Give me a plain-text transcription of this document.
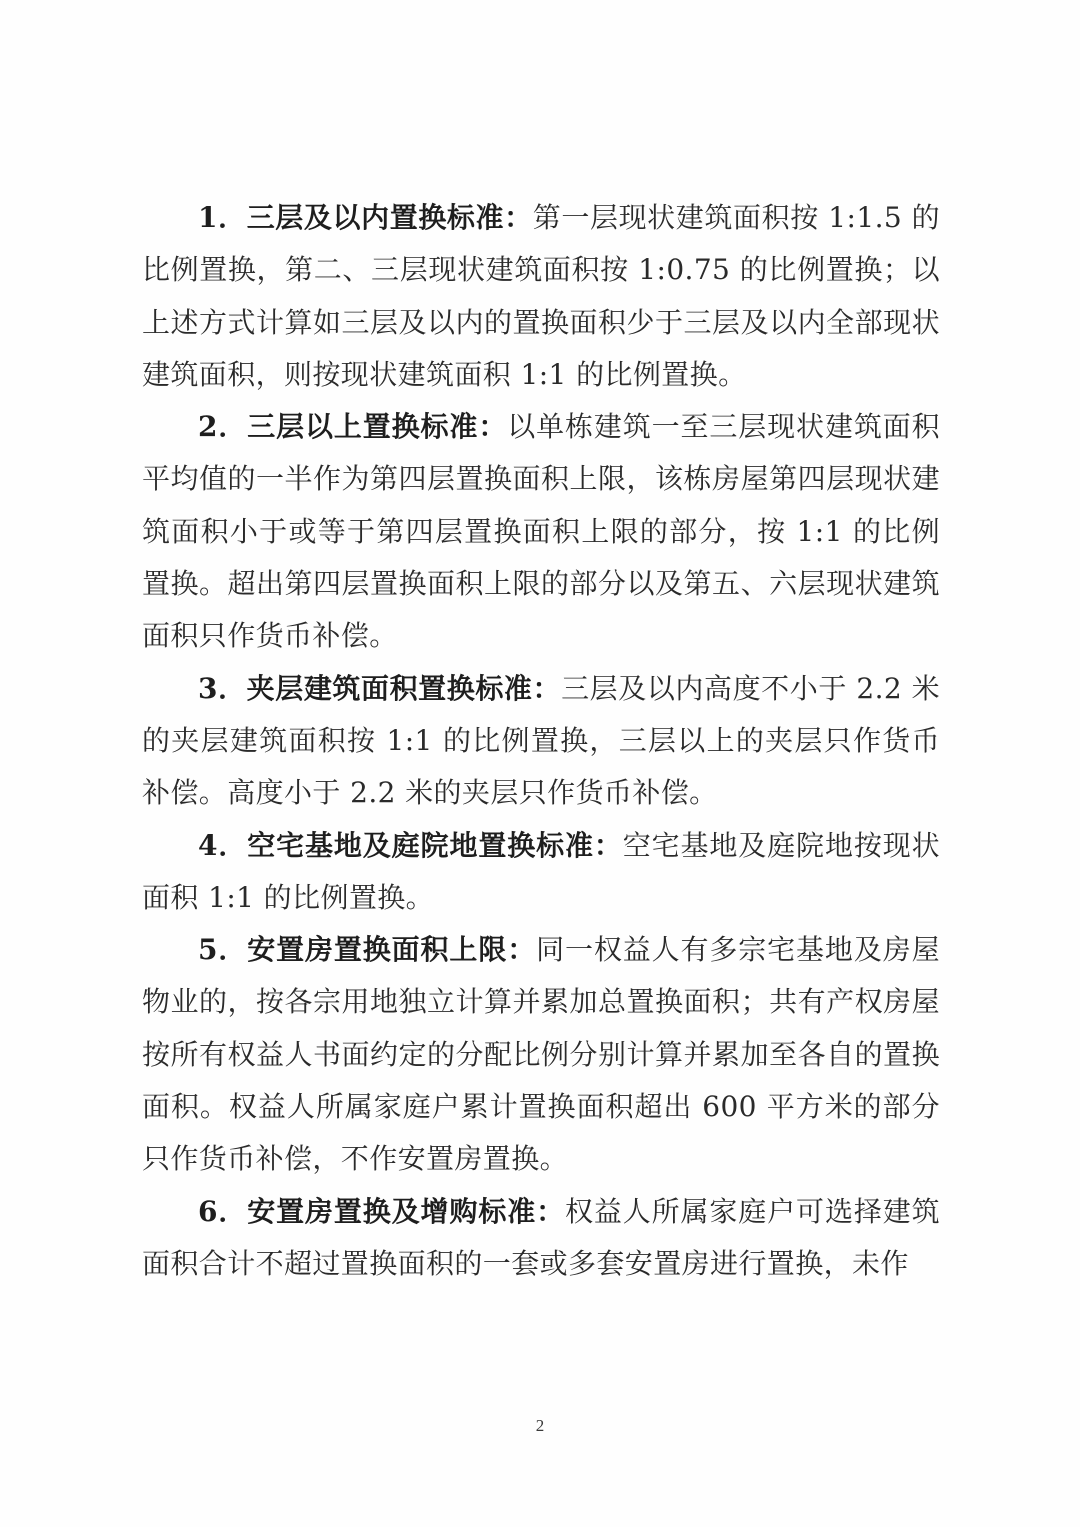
1．三层及以内置换标准：第一层现状建筑面积按 1:1.5 的比例置换，第二、三层现状建筑面积按 1:0.75 的比例置换；以上述方式计算如三层及以内的置换面积少于三层及以内全部现状建筑面积，则按现状建筑面积 1:1 的比例置换。

2．三层以上置换标准：以单栋建筑一至三层现状建筑面积平均值的一半作为第四层置换面积上限，该栋房屋第四层现状建筑面积小于或等于第四层置换面积上限的部分，按 1:1 的比例置换。超出第四层置换面积上限的部分以及第五、六层现状建筑面积只作货币补偿。

3．夹层建筑面积置换标准：三层及以内高度不小于 2.2 米的夹层建筑面积按 1:1 的比例置换，三层以上的夹层只作货币补偿。高度小于 2.2 米的夹层只作货币补偿。

4．空宅基地及庭院地置换标准：空宅基地及庭院地按现状面积 1:1 的比例置换。

5．安置房置换面积上限：同一权益人有多宗宅基地及房屋物业的，按各宗用地独立计算并累加总置换面积；共有产权房屋按所有权益人书面约定的分配比例分别计算并累加至各自的置换面积。权益人所属家庭户累计置换面积超出 600 平方米的部分只作货币补偿，不作安置房置换。

6．安置房置换及增购标准：权益人所属家庭户可选择建筑面积合计不超过置换面积的一套或多套安置房进行置换，未作

2
